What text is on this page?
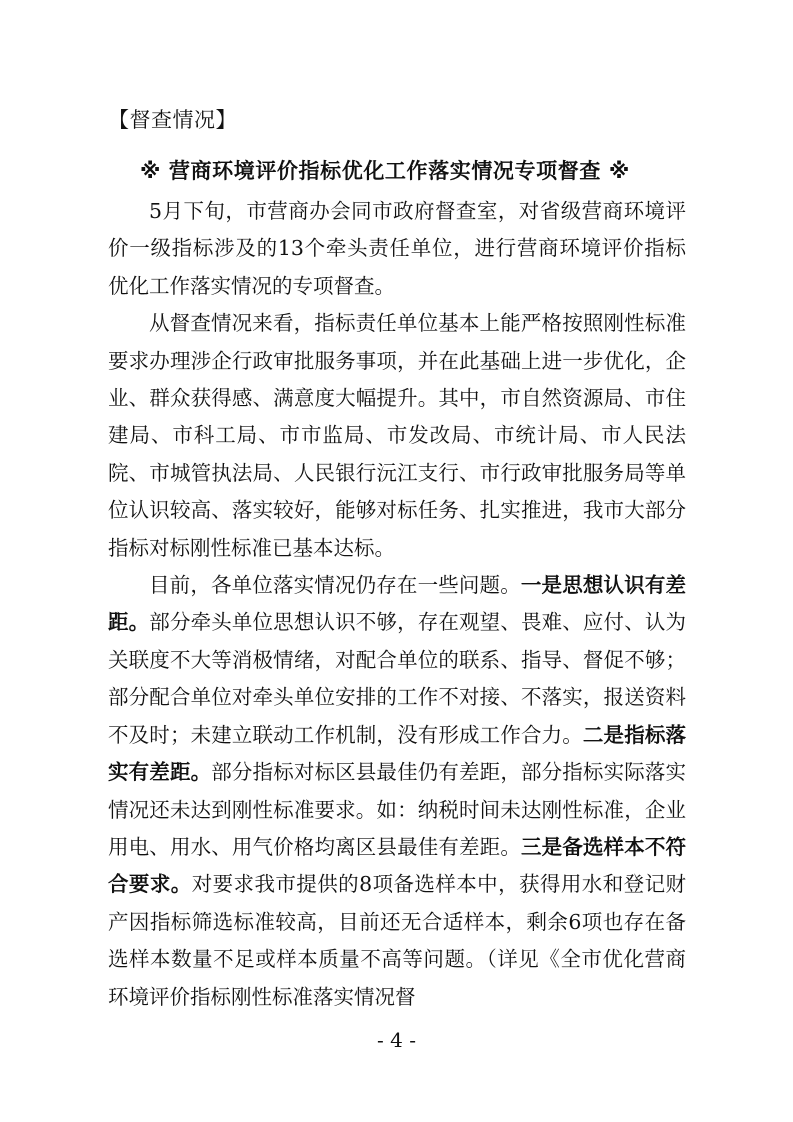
【督查情况】
※ 营商环境评价指标优化工作落实情况专项督查 ※

5月下旬，市营商办会同市政府督查室，对省级营商环境评价一级指标涉及的13个牵头责任单位，进行营商环境评价指标优化工作落实情况的专项督查。

从督查情况来看，指标责任单位基本上能严格按照刚性标准要求办理涉企行政审批服务事项，并在此基础上进一步优化，企业、群众获得感、满意度大幅提升。其中，市自然资源局、市住建局、市科工局、市市监局、市发改局、市统计局、市人民法院、市城管执法局、人民银行沅江支行、市行政审批服务局等单位认识较高、落实较好，能够对标任务、扎实推进，我市大部分指标对标刚性标准已基本达标。

目前，各单位落实情况仍存在一些问题。一是思想认识有差距。部分牵头单位思想认识不够，存在观望、畏难、应付、认为关联度不大等消极情绪，对配合单位的联系、指导、督促不够；部分配合单位对牵头单位安排的工作不对接、不落实，报送资料不及时；未建立联动工作机制，没有形成工作合力。二是指标落实有差距。部分指标对标区县最佳仍有差距，部分指标实际落实情况还未达到刚性标准要求。如：纳税时间未达刚性标准，企业用电、用水、用气价格均离区县最佳有差距。三是备选样本不符合要求。对要求我市提供的8项备选样本中，获得用水和登记财产因指标筛选标准较高，目前还无合适样本，剩余6项也存在备选样本数量不足或样本质量不高等问题。（详见《全市优化营商环境评价指标刚性标准落实情况督

- 4 -
